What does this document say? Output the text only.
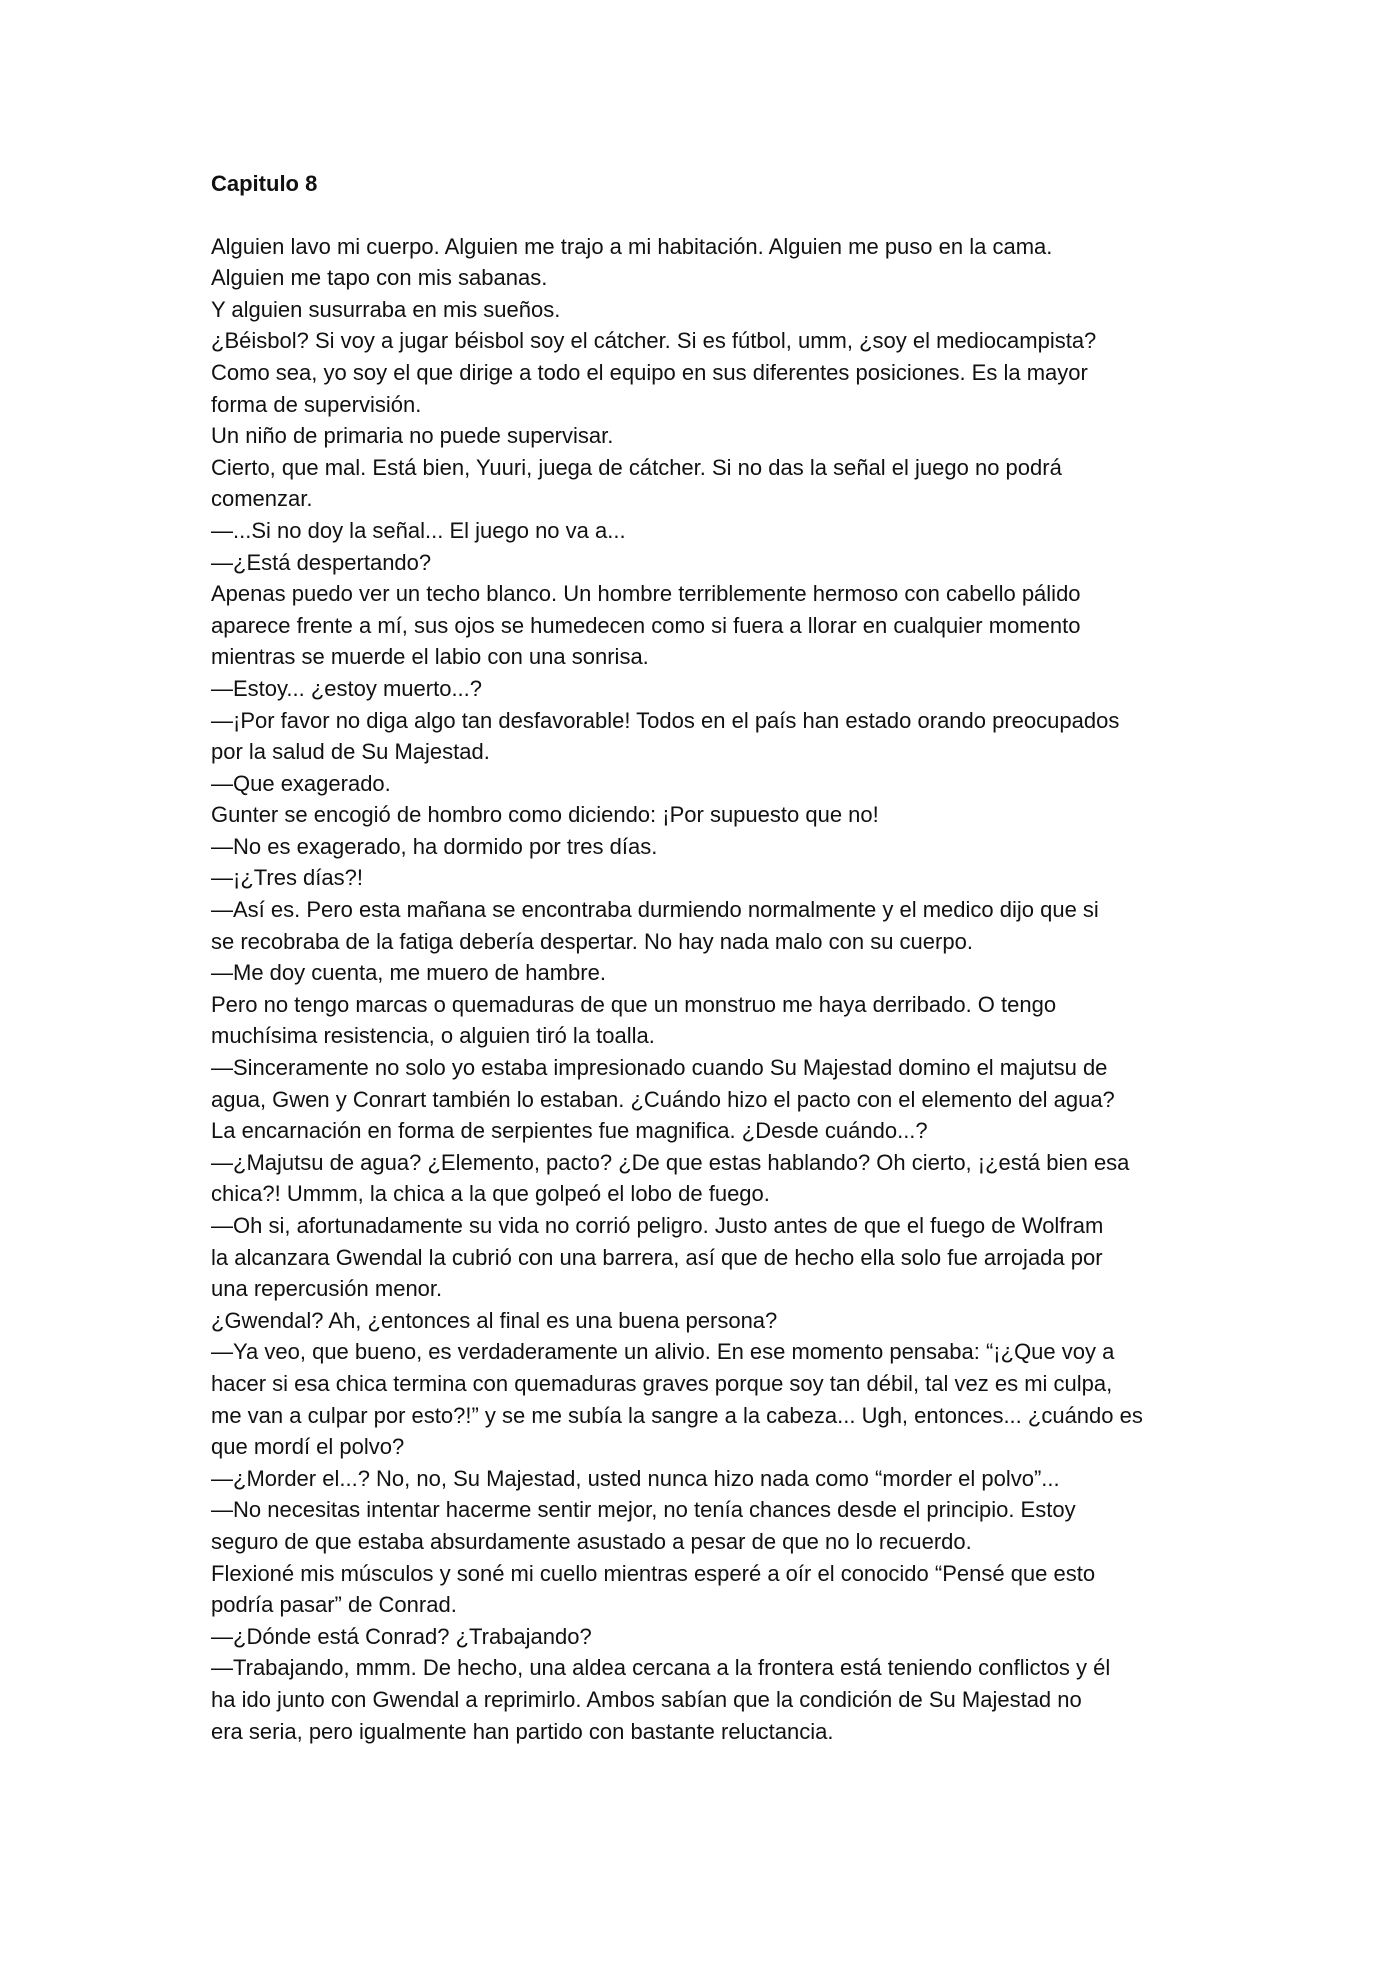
Capitulo 8

Alguien lavo mi cuerpo. Alguien me trajo a mi habitación. Alguien me puso en la cama.

Alguien me tapo con mis sabanas.

Y alguien susurraba en mis sueños.

¿Béisbol? Si voy a jugar béisbol soy el cátcher. Si es fútbol, umm, ¿soy el mediocampista?

Como sea, yo soy el que dirige a todo el equipo en sus diferentes posiciones. Es la mayor

forma de supervisión.

Un niño de primaria no puede supervisar.

Cierto, que mal. Está bien, Yuuri, juega de cátcher. Si no das la señal el juego no podrá

comenzar.

—...Si no doy la señal... El juego no va a...

—¿Está despertando?

Apenas puedo ver un techo blanco. Un hombre terriblemente hermoso con cabello pálido

aparece frente a mí, sus ojos se humedecen como si fuera a llorar en cualquier momento

mientras se muerde el labio con una sonrisa.

—Estoy... ¿estoy muerto...?

—¡Por favor no diga algo tan desfavorable! Todos en el país han estado orando preocupados

por la salud de Su Majestad.

—Que exagerado.

Gunter se encogió de hombro como diciendo: ¡Por supuesto que no!

—No es exagerado, ha dormido por tres días.

—¡¿Tres días?!

—Así es. Pero esta mañana se encontraba durmiendo normalmente y el medico dijo que si

se recobraba de la fatiga debería despertar. No hay nada malo con su cuerpo.

—Me doy cuenta, me muero de hambre.

Pero no tengo marcas o quemaduras de que un monstruo me haya derribado. O tengo

muchísima resistencia, o alguien tiró la toalla.

—Sinceramente no solo yo estaba impresionado cuando Su Majestad domino el majutsu de

agua, Gwen y Conrart también lo estaban. ¿Cuándo hizo el pacto con el elemento del agua?

La encarnación en forma de serpientes fue magnifica. ¿Desde cuándo...?

—¿Majutsu de agua? ¿Elemento, pacto? ¿De que estas hablando? Oh cierto, ¡¿está bien esa

chica?! Ummm, la chica a la que golpeó el lobo de fuego.

—Oh si, afortunadamente su vida no corrió peligro. Justo antes de que el fuego de Wolfram

la alcanzara Gwendal la cubrió con una barrera, así que de hecho ella solo fue arrojada por

una repercusión menor.

¿Gwendal? Ah, ¿entonces al final es una buena persona?

—Ya veo, que bueno, es verdaderamente un alivio. En ese momento pensaba: “¡¿Que voy a

hacer si esa chica termina con quemaduras graves porque soy tan débil, tal vez es mi culpa,

me van a culpar por esto?!” y se me subía la sangre a la cabeza... Ugh, entonces... ¿cuándo es

que mordí el polvo?

—¿Morder el...? No, no, Su Majestad, usted nunca hizo nada como “morder el polvo”...

—No necesitas intentar hacerme sentir mejor, no tenía chances desde el principio. Estoy

seguro de que estaba absurdamente asustado a pesar de que no lo recuerdo.

Flexioné mis músculos y soné mi cuello mientras esperé a oír el conocido “Pensé que esto

podría pasar” de Conrad.

—¿Dónde está Conrad? ¿Trabajando?

—Trabajando, mmm. De hecho, una aldea cercana a la frontera está teniendo conflictos y él

ha ido junto con Gwendal a reprimirlo. Ambos sabían que la condición de Su Majestad no

era seria, pero igualmente han partido con bastante reluctancia.
